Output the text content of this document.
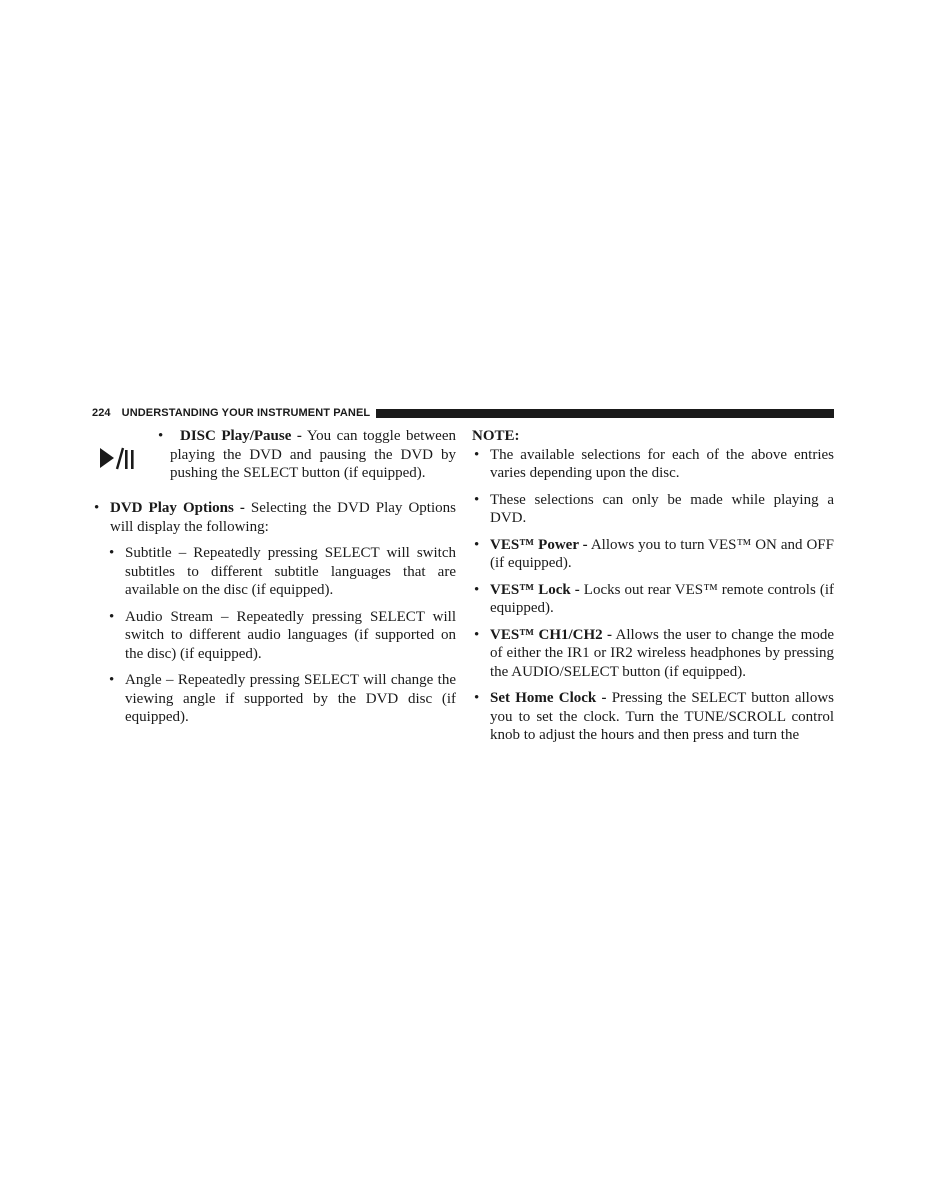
224 UNDERSTANDING YOUR INSTRUMENT PANEL
•	DISC Play/Pause - You can toggle between playing the DVD and pausing the DVD by pushing the SELECT button (if equipped).

• DVD Play Options - Selecting the DVD Play Options will display the following:

• Subtitle – Repeatedly pressing SELECT will switch subtitles to different subtitle languages that are available on the disc (if equipped).

• Audio Stream – Repeatedly pressing SELECT will switch to different audio languages (if supported on the disc) (if equipped).

• Angle – Repeatedly pressing SELECT will change the viewing angle if supported by the DVD disc (if equipped).

NOTE:

• The available selections for each of the above entries varies depending upon the disc.

• These selections can only be made while playing a DVD.

• VES™ Power - Allows you to turn VES™ ON and OFF (if equipped).

• VES™ Lock - Locks out rear VES™ remote controls (if equipped).

• VES™ CH1/CH2 - Allows the user to change the mode of either the IR1 or IR2 wireless headphones by pressing the AUDIO/SELECT button (if equipped).

• Set Home Clock - Pressing the SELECT button allows you to set the clock. Turn the TUNE/SCROLL control knob to adjust the hours and then press and turn the
